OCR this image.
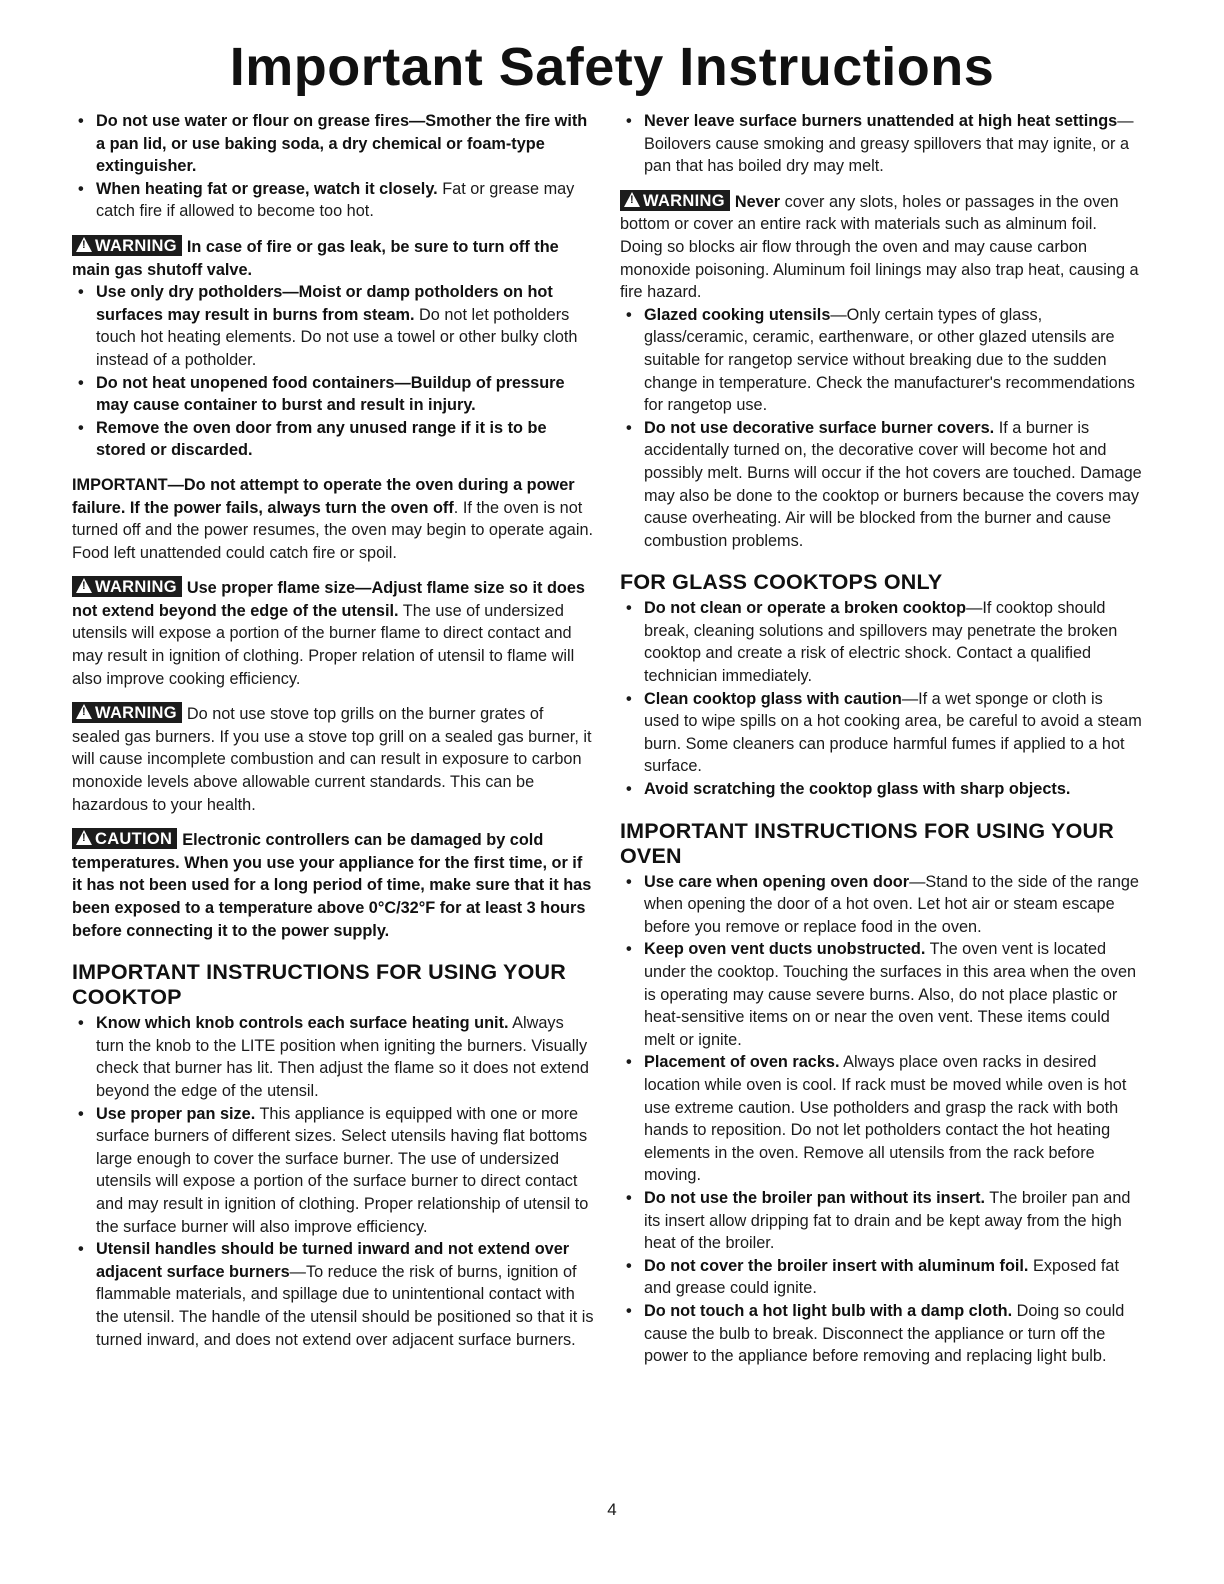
Important Safety Instructions
• Do not use water or flour on grease fires—Smother the fire with a pan lid, or use baking soda, a dry chemical or foam-type extinguisher.
• When heating fat or grease, watch it closely. Fat or grease may catch fire if allowed to become too hot.

!WARNING In case of fire or gas leak, be sure to turn off the main gas shutoff valve.

• Use only dry potholders—Moist or damp potholders on hot surfaces may result in burns from steam. Do not let potholders touch hot heating elements. Do not use a towel or other bulky cloth instead of a potholder.
• Do not heat unopened food containers—Buildup of pressure may cause container to burst and result in injury.
• Remove the oven door from any unused range if it is to be stored or discarded.

IMPORTANT—Do not attempt to operate the oven during a power failure. If the power fails, always turn the oven off. If the oven is not turned off and the power resumes, the oven may begin to operate again. Food left unattended could catch fire or spoil.

!WARNING Use proper flame size—Adjust flame size so it does not extend beyond the edge of the utensil. The use of undersized utensils will expose a portion of the burner flame to direct contact and may result in ignition of clothing. Proper relation of utensil to flame will also improve cooking efficiency.

!WARNING Do not use stove top grills on the burner grates of sealed gas burners. If you use a stove top grill on a sealed gas burner, it will cause incomplete combustion and can result in exposure to carbon monoxide levels above allowable current standards. This can be hazardous to your health.

!CAUTION Electronic controllers can be damaged by cold temperatures. When you use your appliance for the first time, or if it has not been used for a long period of time, make sure that it has been exposed to a temperature above 0°C/32°F for at least 3 hours before connecting it to the power supply.

IMPORTANT INSTRUCTIONS FOR USING YOUR COOKTOP
• Know which knob controls each surface heating unit. Always turn the knob to the LITE position when igniting the burners. Visually check that burner has lit. Then adjust the flame so it does not extend beyond the edge of the utensil.
• Use proper pan size. This appliance is equipped with one or more surface burners of different sizes. Select utensils having flat bottoms large enough to cover the surface burner. The use of undersized utensils will expose a portion of the surface burner to direct contact and may result in ignition of clothing. Proper relationship of utensil to the surface burner will also improve efficiency.
• Utensil handles should be turned inward and not extend over adjacent surface burners—To reduce the risk of burns, ignition of flammable materials, and spillage due to unintentional contact with the utensil. The handle of the utensil should be positioned so that it is turned inward, and does not extend over adjacent surface burners.
• Never leave surface burners unattended at high heat settings—Boilovers cause smoking and greasy spillovers that may ignite, or a pan that has boiled dry may melt.

!WARNING Never cover any slots, holes or passages in the oven bottom or cover an entire rack with materials such as alminum foil. Doing so blocks air flow through the oven and may cause carbon monoxide poisoning. Aluminum foil linings may also trap heat, causing a fire hazard.

• Glazed cooking utensils—Only certain types of glass, glass/ceramic, ceramic, earthenware, or other glazed utensils are suitable for rangetop service without breaking due to the sudden change in temperature. Check the manufacturer's recommendations for rangetop use.
• Do not use decorative surface burner covers. If a burner is accidentally turned on, the decorative cover will become hot and possibly melt. Burns will occur if the hot covers are touched. Damage may also be done to the cooktop or burners because the covers may cause overheating. Air will be blocked from the burner and cause combustion problems.
FOR GLASS COOKTOPS ONLY
• Do not clean or operate a broken cooktop—If cooktop should break, cleaning solutions and spillovers may penetrate the broken cooktop and create a risk of electric shock. Contact a qualified technician immediately.
• Clean cooktop glass with caution—If a wet sponge or cloth is used to wipe spills on a hot cooking area, be careful to avoid a steam burn. Some cleaners can produce harmful fumes if applied to a hot surface.
• Avoid scratching the cooktop glass with sharp objects.
IMPORTANT INSTRUCTIONS FOR USING YOUR OVEN
• Use care when opening oven door—Stand to the side of the range when opening the door of a hot oven. Let hot air or steam escape before you remove or replace food in the oven.
• Keep oven vent ducts unobstructed. The oven vent is located under the cooktop. Touching the surfaces in this area when the oven is operating may cause severe burns. Also, do not place plastic or heat-sensitive items on or near the oven vent. These items could melt or ignite.
• Placement of oven racks. Always place oven racks in desired location while oven is cool. If rack must be moved while oven is hot use extreme caution. Use potholders and grasp the rack with both hands to reposition. Do not let potholders contact the hot heating elements in the oven. Remove all utensils from the rack before moving.
• Do not use the broiler pan without its insert. The broiler pan and its insert allow dripping fat to drain and be kept away from the high heat of the broiler.
• Do not cover the broiler insert with aluminum foil. Exposed fat and grease could ignite.
• Do not touch a hot light bulb with a damp cloth. Doing so could cause the bulb to break. Disconnect the appliance or turn off the power to the appliance before removing and replacing light bulb.
4
